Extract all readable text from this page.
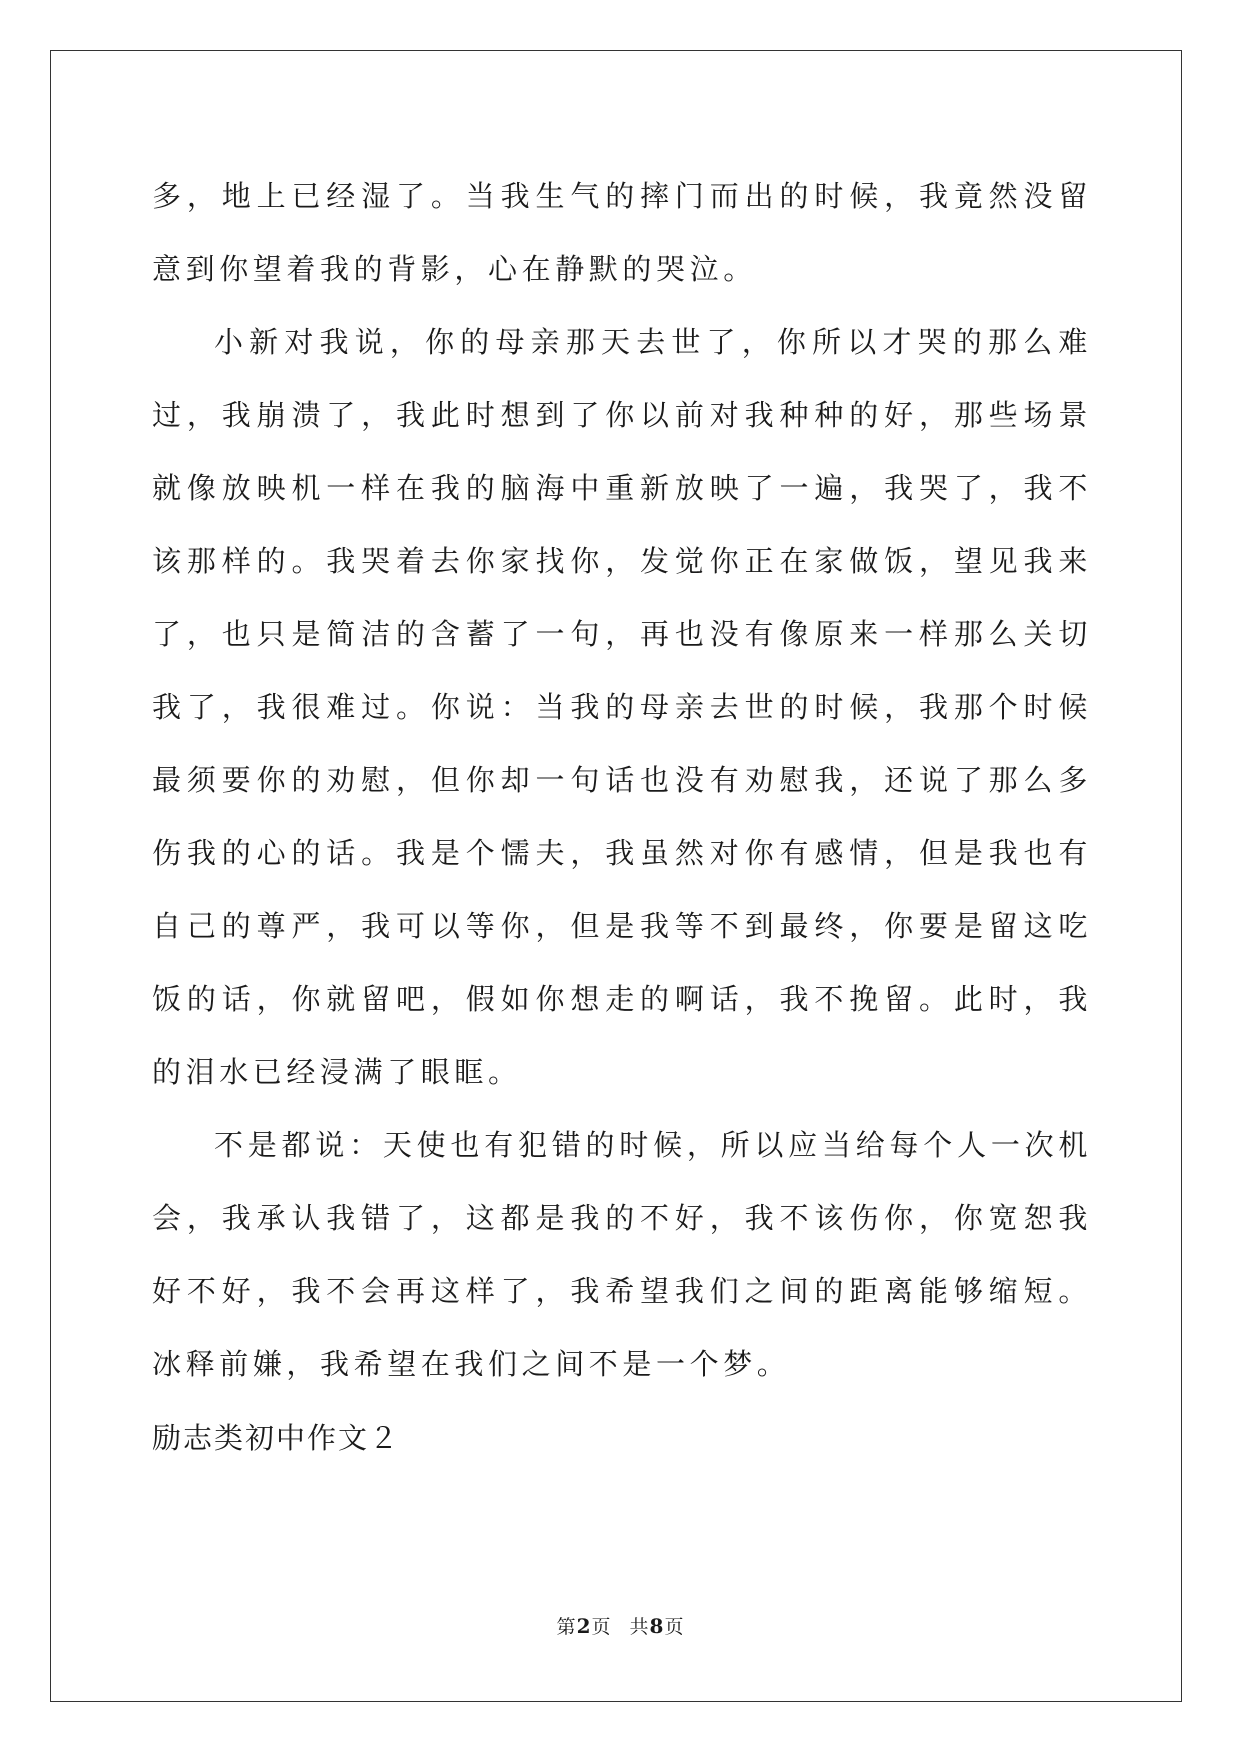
多，地上已经湿了。当我生气的摔门而出的时候，我竟然没留意到你望着我的背影，心在静默的哭泣。

小新对我说，你的母亲那天去世了，你所以才哭的那么难过，我崩溃了，我此时想到了你以前对我种种的好，那些场景就像放映机一样在我的脑海中重新放映了一遍，我哭了，我不该那样的。我哭着去你家找你，发觉你正在家做饭，望见我来了，也只是简洁的含蓄了一句，再也没有像原来一样那么关切我了，我很难过。你说：当我的母亲去世的时候，我那个时候最须要你的劝慰，但你却一句话也没有劝慰我，还说了那么多伤我的心的话。我是个懦夫，我虽然对你有感情，但是我也有自己的尊严，我可以等你，但是我等不到最终，你要是留这吃饭的话，你就留吧，假如你想走的啊话，我不挽留。此时，我的泪水已经浸满了眼眶。

不是都说：天使也有犯错的时候，所以应当给每个人一次机会，我承认我错了，这都是我的不好，我不该伤你，你宽恕我好不好，我不会再这样了，我希望我们之间的距离能够缩短。冰释前嫌，我希望在我们之间不是一个梦。

励志类初中作文２

第2页 共8页
